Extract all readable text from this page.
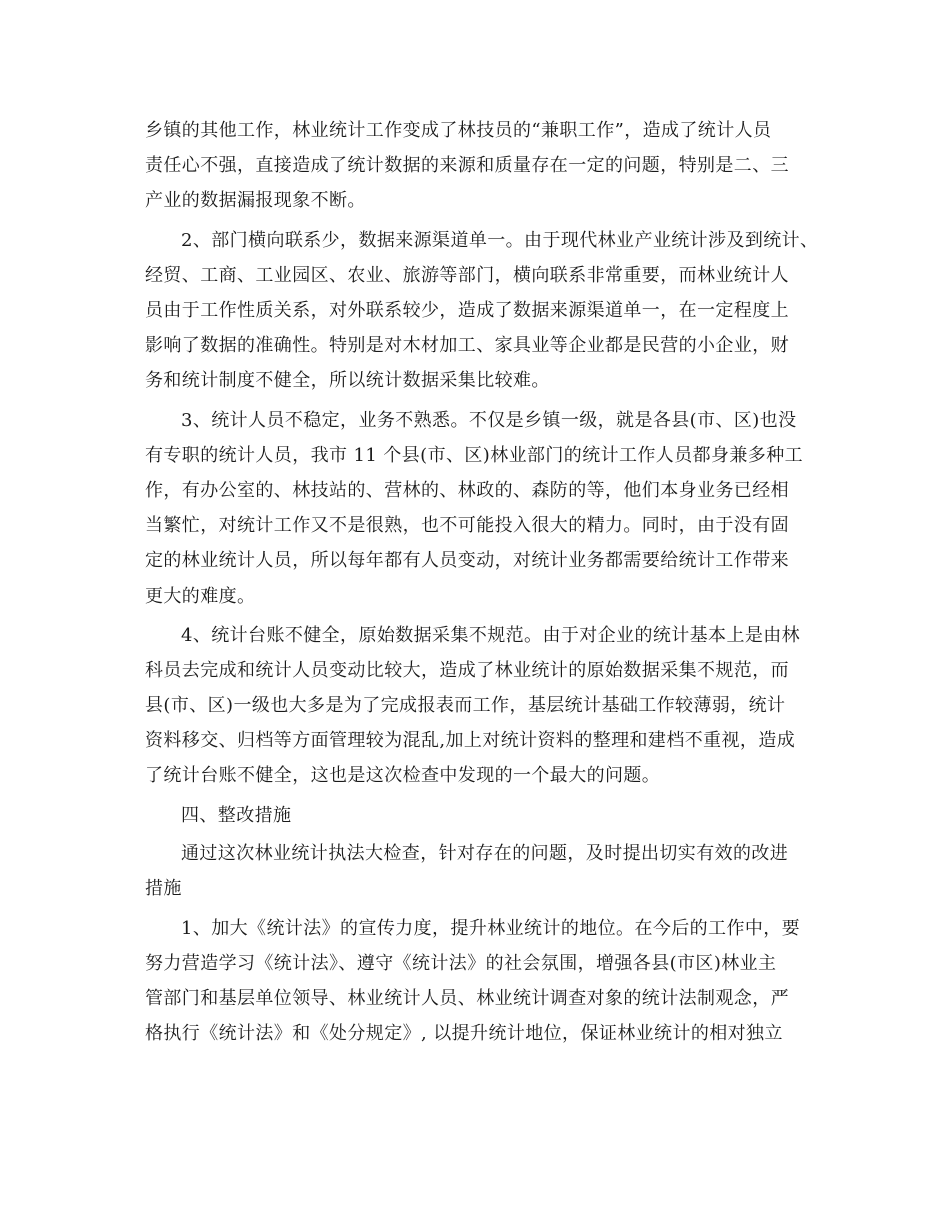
乡镇的其他工作，林业统计工作变成了林技员的“兼职工作”，造成了统计人员
责任心不强，直接造成了统计数据的来源和质量存在一定的问题，特别是二、三
产业的数据漏报现象不断。
2、部门横向联系少，数据来源渠道单一。由于现代林业产业统计涉及到统计、
经贸、工商、工业园区、农业、旅游等部门，横向联系非常重要，而林业统计人
员由于工作性质关系，对外联系较少，造成了数据来源渠道单一，在一定程度上
影响了数据的准确性。特别是对木材加工、家具业等企业都是民营的小企业，财
务和统计制度不健全，所以统计数据采集比较难。
3、统计人员不稳定，业务不熟悉。不仅是乡镇一级，就是各县(市、区)也没
有专职的统计人员，我市 11 个县(市、区)林业部门的统计工作人员都身兼多种工
作，有办公室的、林技站的、营林的、林政的、森防的等，他们本身业务已经相
当繁忙，对统计工作又不是很熟，也不可能投入很大的精力。同时，由于没有固
定的林业统计人员，所以每年都有人员变动，对统计业务都需要给统计工作带来
更大的难度。
4、统计台账不健全，原始数据采集不规范。由于对企业的统计基本上是由林
科员去完成和统计人员变动比较大，造成了林业统计的原始数据采集不规范，而
县(市、区)一级也大多是为了完成报表而工作，基层统计基础工作较薄弱，统计
资料移交、归档等方面管理较为混乱,加上对统计资料的整理和建档不重视，造成
了统计台账不健全，这也是这次检查中发现的一个最大的问题。
四、整改措施
通过这次林业统计执法大检查，针对存在的问题，及时提出切实有效的改进
措施
1、加大《统计法》的宣传力度，提升林业统计的地位。在今后的工作中，要
努力营造学习《统计法》、遵守《统计法》的社会氛围，增强各县(市区)林业主
管部门和基层单位领导、林业统计人员、林业统计调查对象的统计法制观念，严
格执行《统计法》和《处分规定》, 以提升统计地位，保证林业统计的相对独立
